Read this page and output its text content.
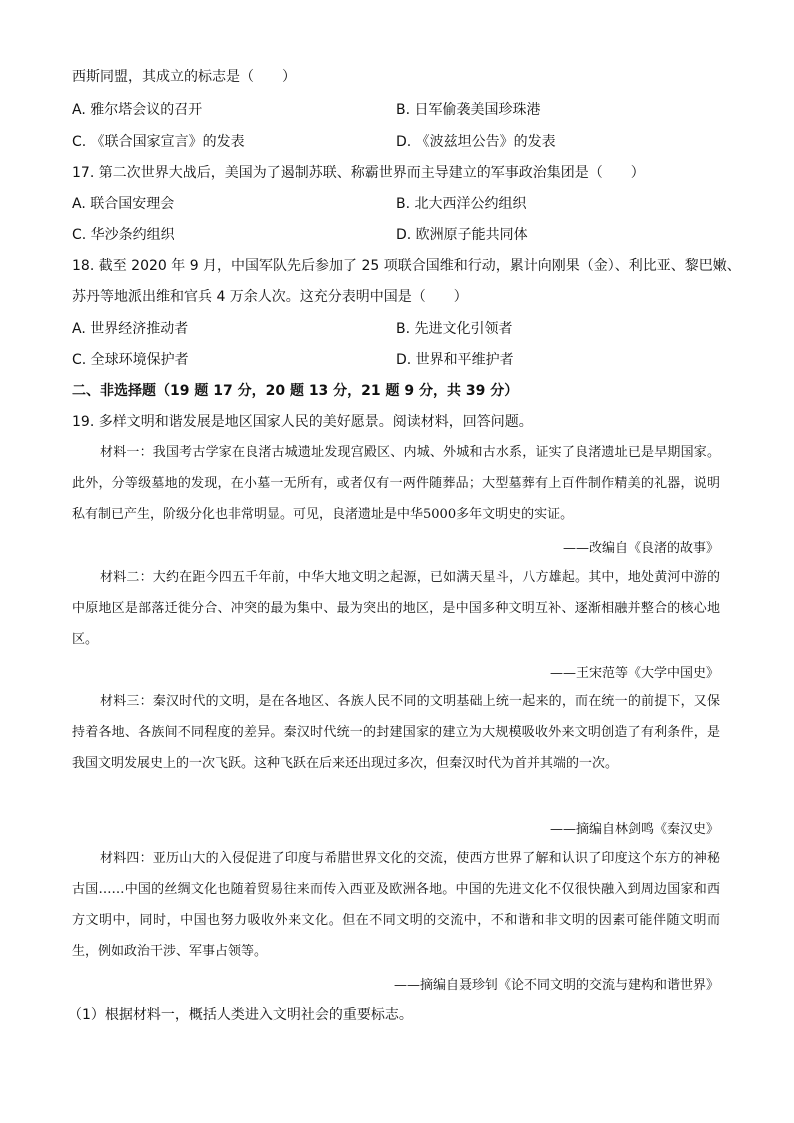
西斯同盟，其成立的标志是（　　）
A. 雅尔塔会议的召开	B. 日军偷袭美国珍珠港
C. 《联合国家宣言》的发表	D. 《波兹坦公告》的发表
17. 第二次世界大战后，美国为了遏制苏联、称霸世界而主导建立的军事政治集团是（　　）
A. 联合国安理会	B. 北大西洋公约组织
C. 华沙条约组织	D. 欧洲原子能共同体
18. 截至 2020 年 9 月，中国军队先后参加了 25 项联合国维和行动，累计向刚果（金）、利比亚、黎巴嫩、
苏丹等地派出维和官兵 4 万余人次。这充分表明中国是（　　）
A. 世界经济推动者	B. 先进文化引领者
C. 全球环境保护者	D. 世界和平维护者
二、非选择题（19 题 17 分，20 题 13 分，21 题 9 分，共 39 分）
19. 多样文明和谐发展是地区国家人民的美好愿景。阅读材料，回答问题。

材料一：我国考古学家在良渚古城遗址发现宫殿区、内城、外城和古水系，证实了良渚遗址已是早期国家。此外，分等级墓地的发现，在小墓一无所有，或者仅有一两件随葬品；大型墓葬有上百件制作精美的礼器，说明私有制已产生，阶级分化也非常明显。可见，良渚遗址是中华5000多年文明史的实证。

——改编自《良渚的故事》

材料二：大约在距今四五千年前，中华大地文明之起源，已如满天星斗，八方雄起。其中，地处黄河中游的中原地区是部落迁徙分合、冲突的最为集中、最为突出的地区，是中国多种文明互补、逐渐相融并整合的核心地区。

——王宋范等《大学中国史》

材料三：秦汉时代的文明，是在各地区、各族人民不同的文明基础上统一起来的，而在统一的前提下，又保持着各地、各族间不同程度的差异。秦汉时代统一的封建国家的建立为大规模吸收外来文明创造了有利条件，是我国文明发展史上的一次飞跃。这种飞跃在后来还出现过多次，但秦汉时代为首并其端的一次。

——摘编自林剑鸣《秦汉史》

材料四：亚历山大的入侵促进了印度与希腊世界文化的交流，使西方世界了解和认识了印度这个东方的神秘古国……中国的丝绸文化也随着贸易往来而传入西亚及欧洲各地。中国的先进文化不仅很快融入到周边国家和西方文明中，同时，中国也努力吸收外来文化。但在不同文明的交流中，不和谐和非文明的因素可能伴随文明而生，例如政治干涉、军事占领等。

——摘编自聂珍钊《论不同文明的交流与建构和谐世界》
（1）根据材料一，概括人类进入文明社会的重要标志。
